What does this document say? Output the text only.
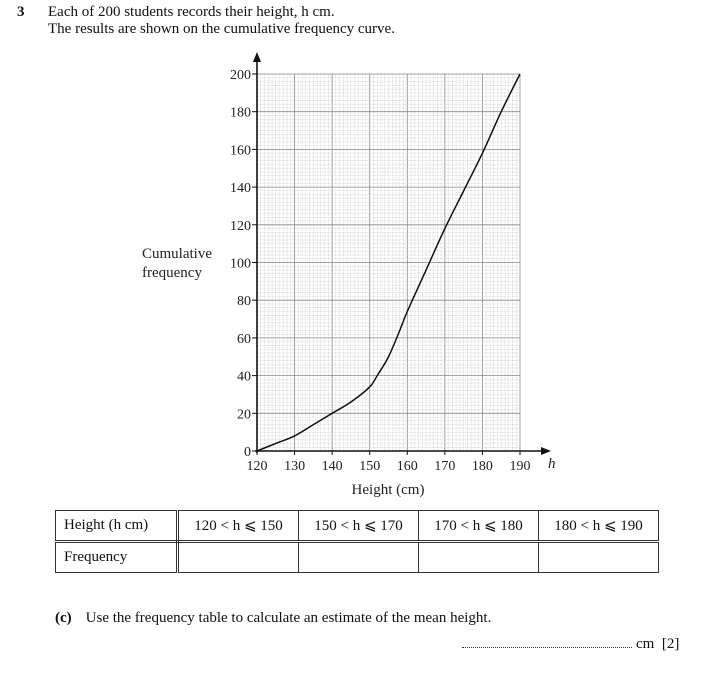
3 Each of 200 students records their height, h cm.
The results are shown on the cumulative frequency curve.
0
20
40
60
80
100
120
140
160
180
200
120 130 140 150 160 170 180 190
Height (cm)
h
Cumulative
frequency
Height (h cm)	120 < h ⩽ 150	150 < h ⩽ 170	170 < h ⩽ 180	180 < h ⩽ 190
Frequency				
(c) Use the frequency table to calculate an estimate of the mean height.
cm [2]
